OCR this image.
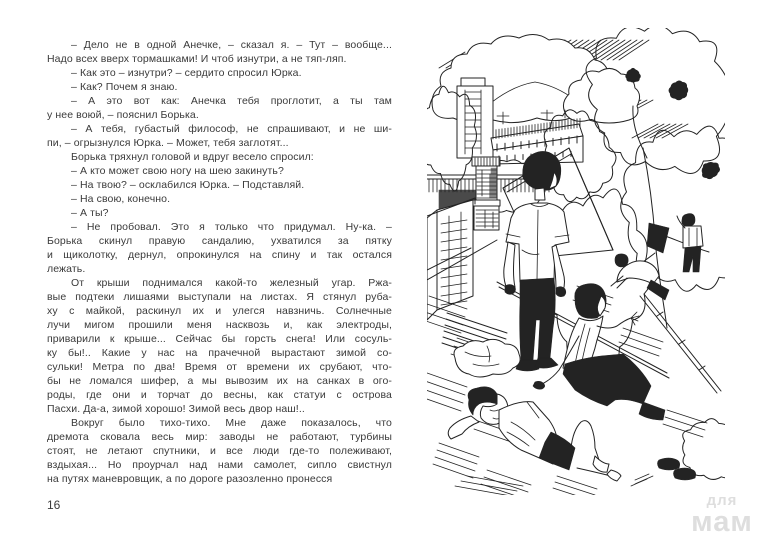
– Дело не в одной Анечке, – сказал я. – Тут – вообще...
Надо всех вверх тормашками! И чтоб изнутри, а не тяп-ляп.
– Как это – изнутри? – сердито спросил Юрка.
– Как? Почем я знаю.
– А это вот как: Анечка тебя проглотит, а ты там
у нее воюй, – пояснил Борька.
– А тебя, губастый философ, не спрашивают, и не ши-
пи, – огрызнулся Юрка. – Может, тебя заглотят...
Борька тряхнул головой и вдруг весело спросил:
– А кто может свою ногу на шею закинуть?
– На твою? – осклабился Юрка. – Подставляй.
– На свою, конечно.
– А ты?
– Не пробовал. Это я только что придумал. Ну-ка. –
Борька скинул правую сандалию, ухватился за пятку
и щиколотку, дернул, опрокинулся на спину и так остался
лежать.
От крыши поднимался какой-то железный угар. Ржа-
вые подтеки лишаями выступали на листах. Я стянул руба-
ху с майкой, раскинул их и улегся навзничь. Солнечные
лучи мигом прошили меня насквозь и, как электроды,
приварили к крыше... Сейчас бы горсть снега! Или сосуль-
ку бы!.. Какие у нас на прачечной вырастают зимой со-
сульки! Метра по два! Время от времени их срубают, что-
бы не ломался шифер, а мы вывозим их на санках в ого-
роды, где они и торчат до весны, как статуи с острова
Пасхи. Да-а, зимой хорошо! Зимой весь двор наш!..
Вокруг было тихо-тихо. Мне даже показалось, что
дремота сковала весь мир: заводы не работают, турбины
стоят, не летают спутники, и все люди где-то полеживают,
вздыхая... Но проурчал над нами самолет, сипло свистнул
на путях маневровщик, а по дороге разозленно пронесся
16	для
мам
